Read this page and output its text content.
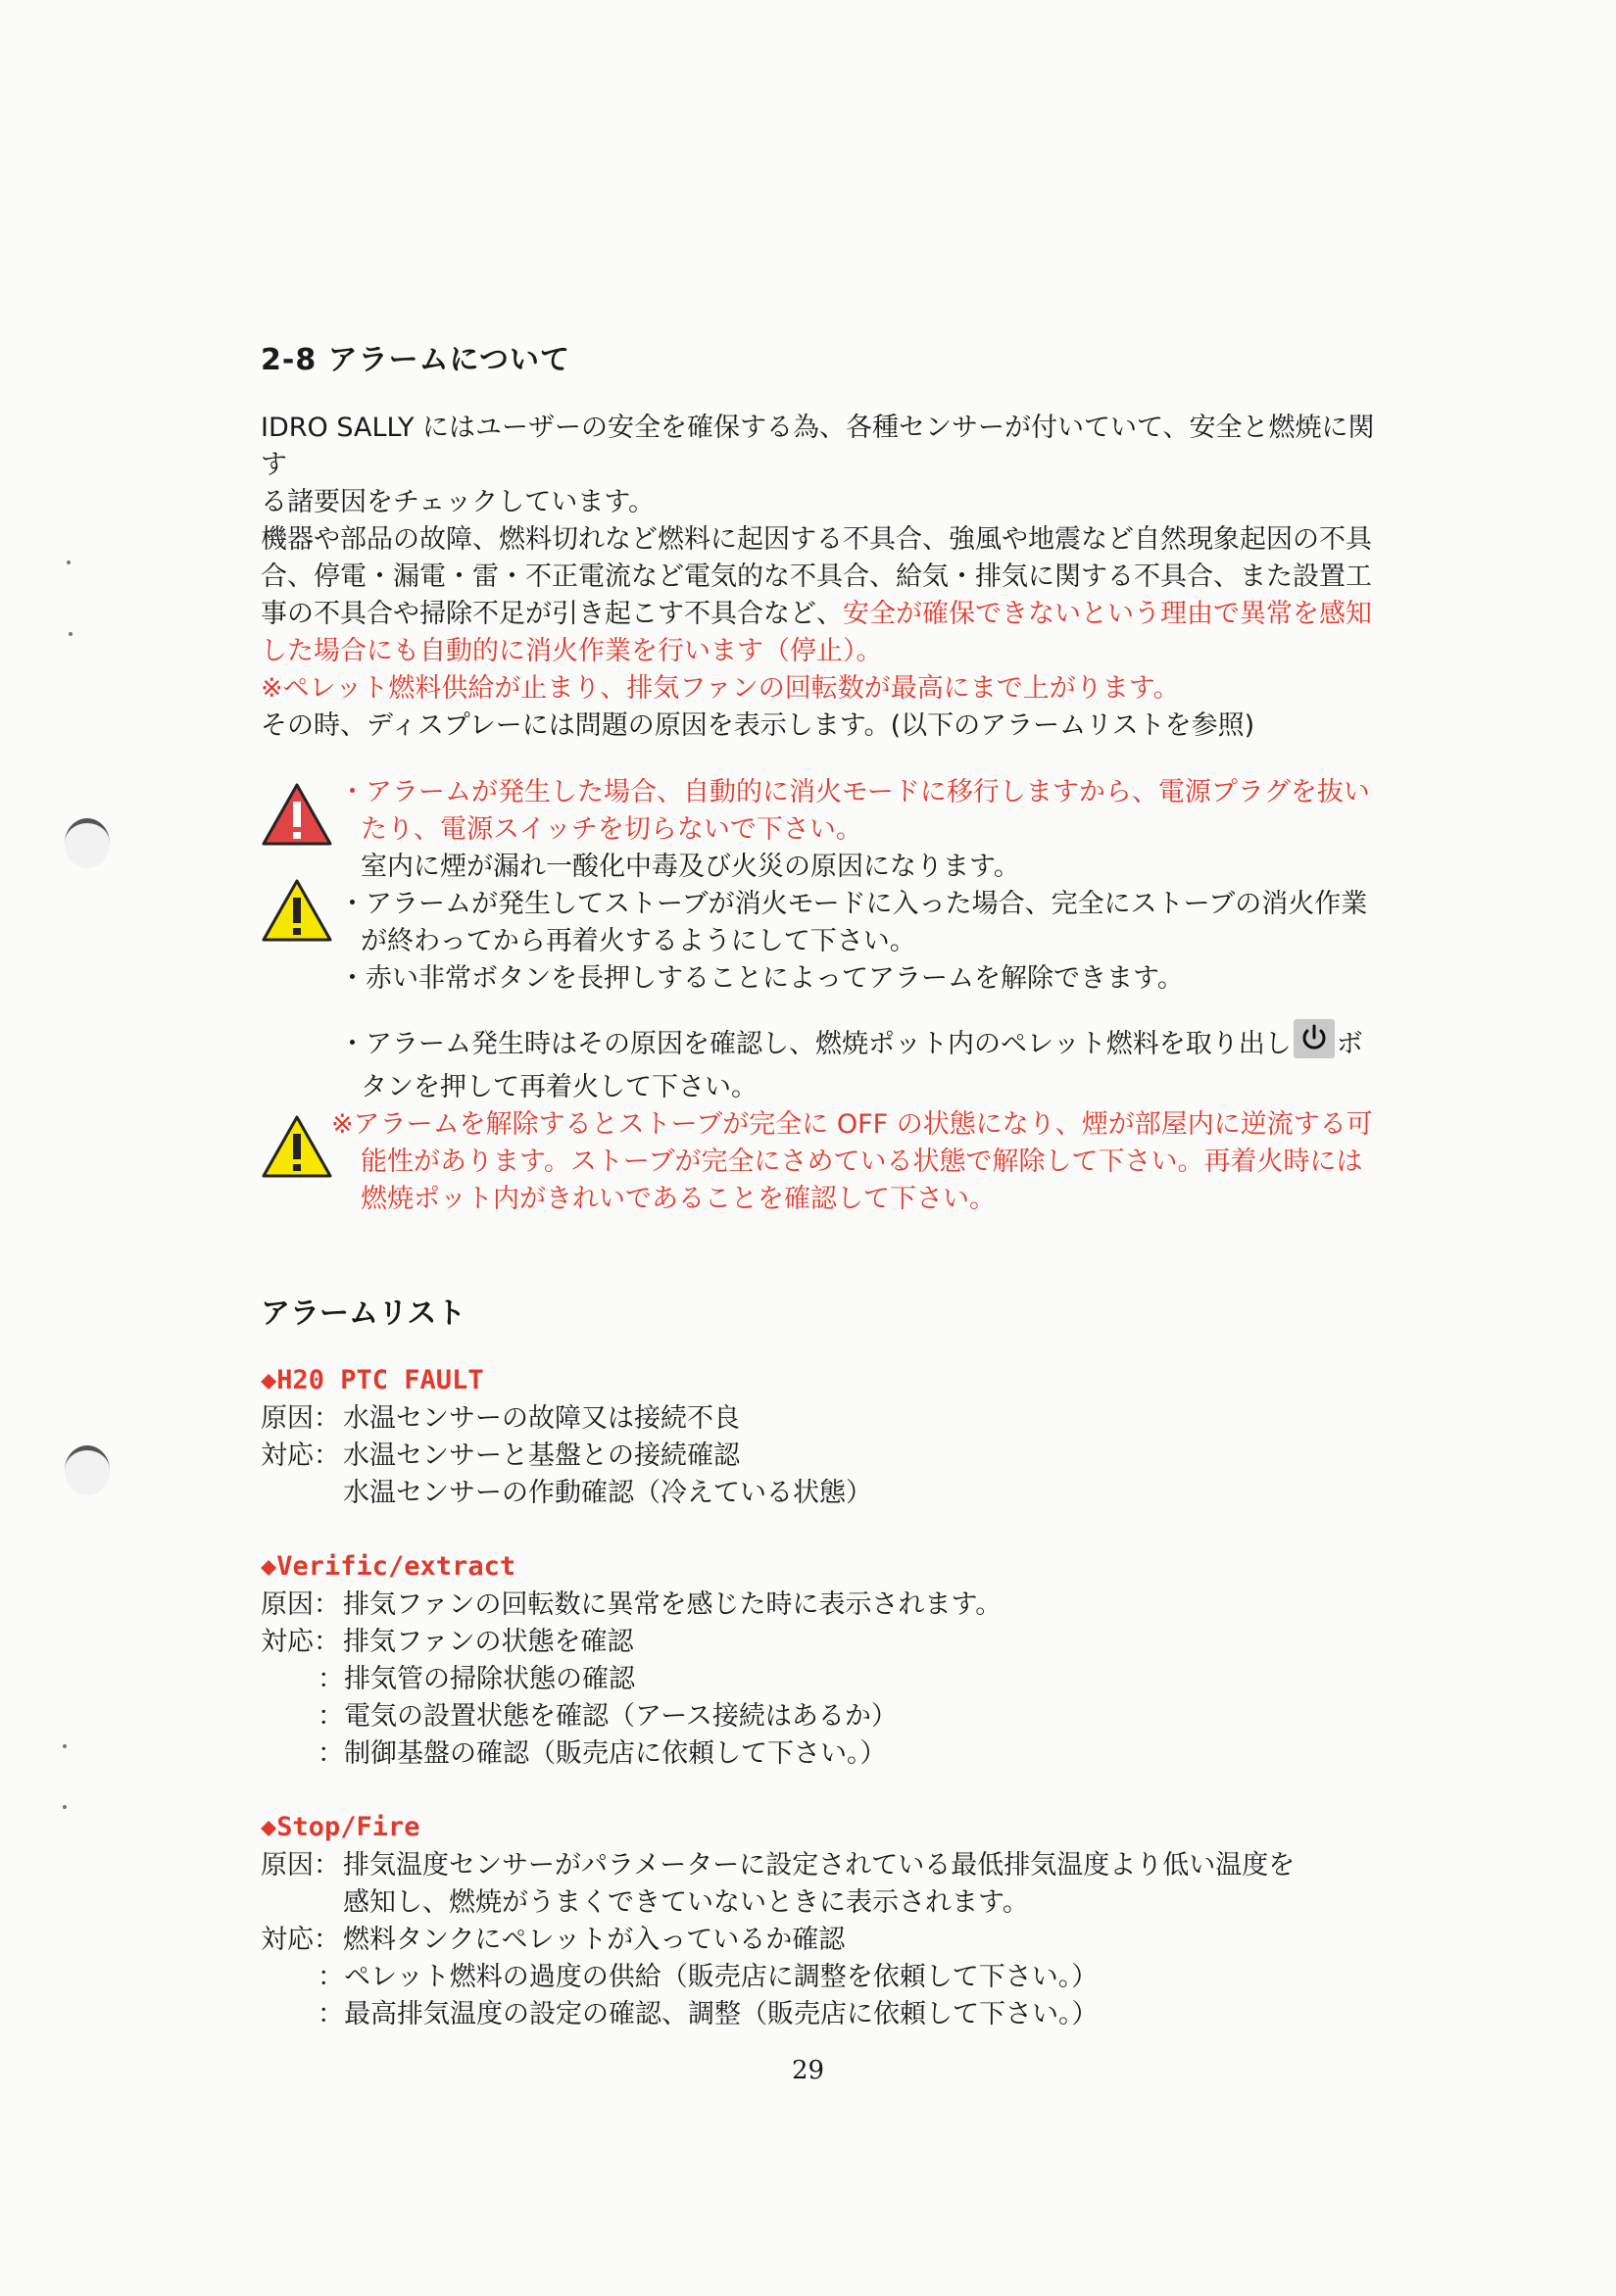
2-8 アラームについて

IDRO SALLY にはユーザーの安全を確保する為、各種センサーが付いていて、安全と燃焼に関す

る諸要因をチェックしています。

機器や部品の故障、燃料切れなど燃料に起因する不具合、強風や地震など自然現象起因の不具

合、停電・漏電・雷・不正電流など電気的な不具合、給気・排気に関する不具合、また設置工

事の不具合や掃除不足が引き起こす不具合など、安全が確保できないという理由で異常を感知

した場合にも自動的に消火作業を行います（停止）。

※ペレット燃料供給が止まり、排気ファンの回転数が最高にまで上がります。

その時、ディスプレーには問題の原因を表示します。(以下のアラームリストを参照)

・アラームが発生した場合、自動的に消火モードに移行しますから、電源プラグを抜い

たり、電源スイッチを切らないで下さい。

室内に煙が漏れ一酸化中毒及び火災の原因になります。

・アラームが発生してストーブが消火モードに入った場合、完全にストーブの消火作業

が終わってから再着火するようにして下さい。

・赤い非常ボタンを長押しすることによってアラームを解除できます。

・アラーム発生時はその原因を確認し、燃焼ポット内のペレット燃料を取り出し ボ

タンを押して再着火して下さい。

※アラームを解除するとストーブが完全に OFF の状態になり、煙が部屋内に逆流する可

能性があります。ストーブが完全にさめている状態で解除して下さい。再着火時には

燃焼ポット内がきれいであることを確認して下さい。

アラームリスト
◆H20 PTC FAULT

原因： 水温センサーの故障又は接続不良

対応： 水温センサーと基盤との接続確認

水温センサーの作動確認（冷えている状態）

◆Verific/extract

原因： 排気ファンの回転数に異常を感じた時に表示されます。

対応： 排気ファンの状態を確認

：排気管の掃除状態の確認

：電気の設置状態を確認（アース接続はあるか）

：制御基盤の確認（販売店に依頼して下さい。）

◆Stop/Fire

原因： 排気温度センサーがパラメーターに設定されている最低排気温度より低い温度を

感知し、燃焼がうまくできていないときに表示されます。

対応： 燃料タンクにペレットが入っているか確認

：ペレット燃料の過度の供給（販売店に調整を依頼して下さい。）

：最高排気温度の設定の確認、調整（販売店に依頼して下さい。）

29
